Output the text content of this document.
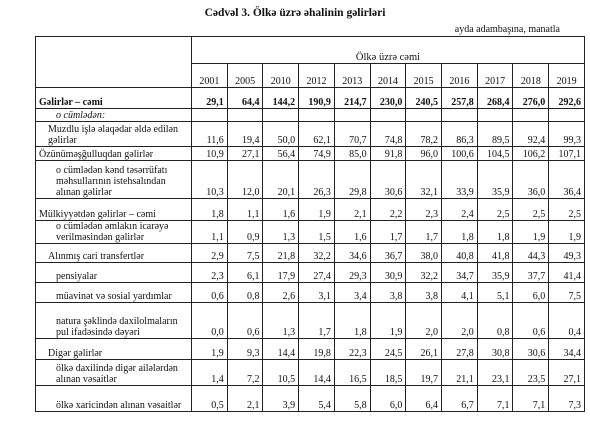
Cədvəl 3. Ölkə üzrə əhalinin gəlirləri
ayda adambaşına, manatla
	Ölkə üzrə cəmi										
	2001	2005	2010	2012	2013	2014	2015	2016	2017	2018	2019
Gəlirlər – cəmi	29,1	64,4	144,2	190,9	214,7	230,0	240,5	257,8	268,4	276,0	292,6
o cümlədən:											
Muzdlu işlə əlaqədar əldə edilən gəlirlər	11,6	19,4	50,0	62,1	70,7	74,8	78,2	86,3	89,5	92,4	99,3
Özünüməşğulluqdan gəlirlər	10,9	27,1	56,4	74,9	85,0	91,8	96,0	100,6	104,5	106,2	107,1
o cümlədən kənd təsərrüfatı məhsullarının istehsalından alınan gəlirlər	10,3	12,0	20,1	26,3	29,8	30,6	32,1	33,9	35,9	36,0	36,4
Mülkiyyətdən gəlirlər – cəmi	1,8	1,1	1,6	1,9	2,1	2,2	2,3	2,4	2,5	2,5	2,5
o cümlədən əmlakın icarəyə verilməsindən gəlirlər	1,1	0,9	1,3	1,5	1,6	1,7	1,7	1,8	1,8	1,9	1,9
Alınmış cari transfertlər	2,9	7,5	21,8	32,2	34,6	36,7	38,0	40,8	41,8	44,3	49,3
pensiyalar	2,3	6,1	17,9	27,4	29,3	30,9	32,2	34,7	35,9	37,7	41,4
müavinət və sosial yardımlar	0,6	0,8	2,6	3,1	3,4	3,8	3,8	4,1	5,1	6,0	7,5
natura şəklində daxilolmaların pul ifadəsində dəyəri	0,0	0,6	1,3	1,7	1,8	1,9	2,0	2,0	0,8	0,6	0,4
Digər gəlirlər	1,9	9,3	14,4	19,8	22,3	24,5	26,1	27,8	30,8	30,6	34,4
ölkə daxilində digər ailələrdən alınan vəsaitlər	1,4	7,2	10,5	14,4	16,5	18,5	19,7	21,1	23,1	23,5	27,1
ölkə xaricindən alınan vəsaitlər	0,5	2,1	3,9	5,4	5,8	6,0	6,4	6,7	7,1	7,1	7,3
